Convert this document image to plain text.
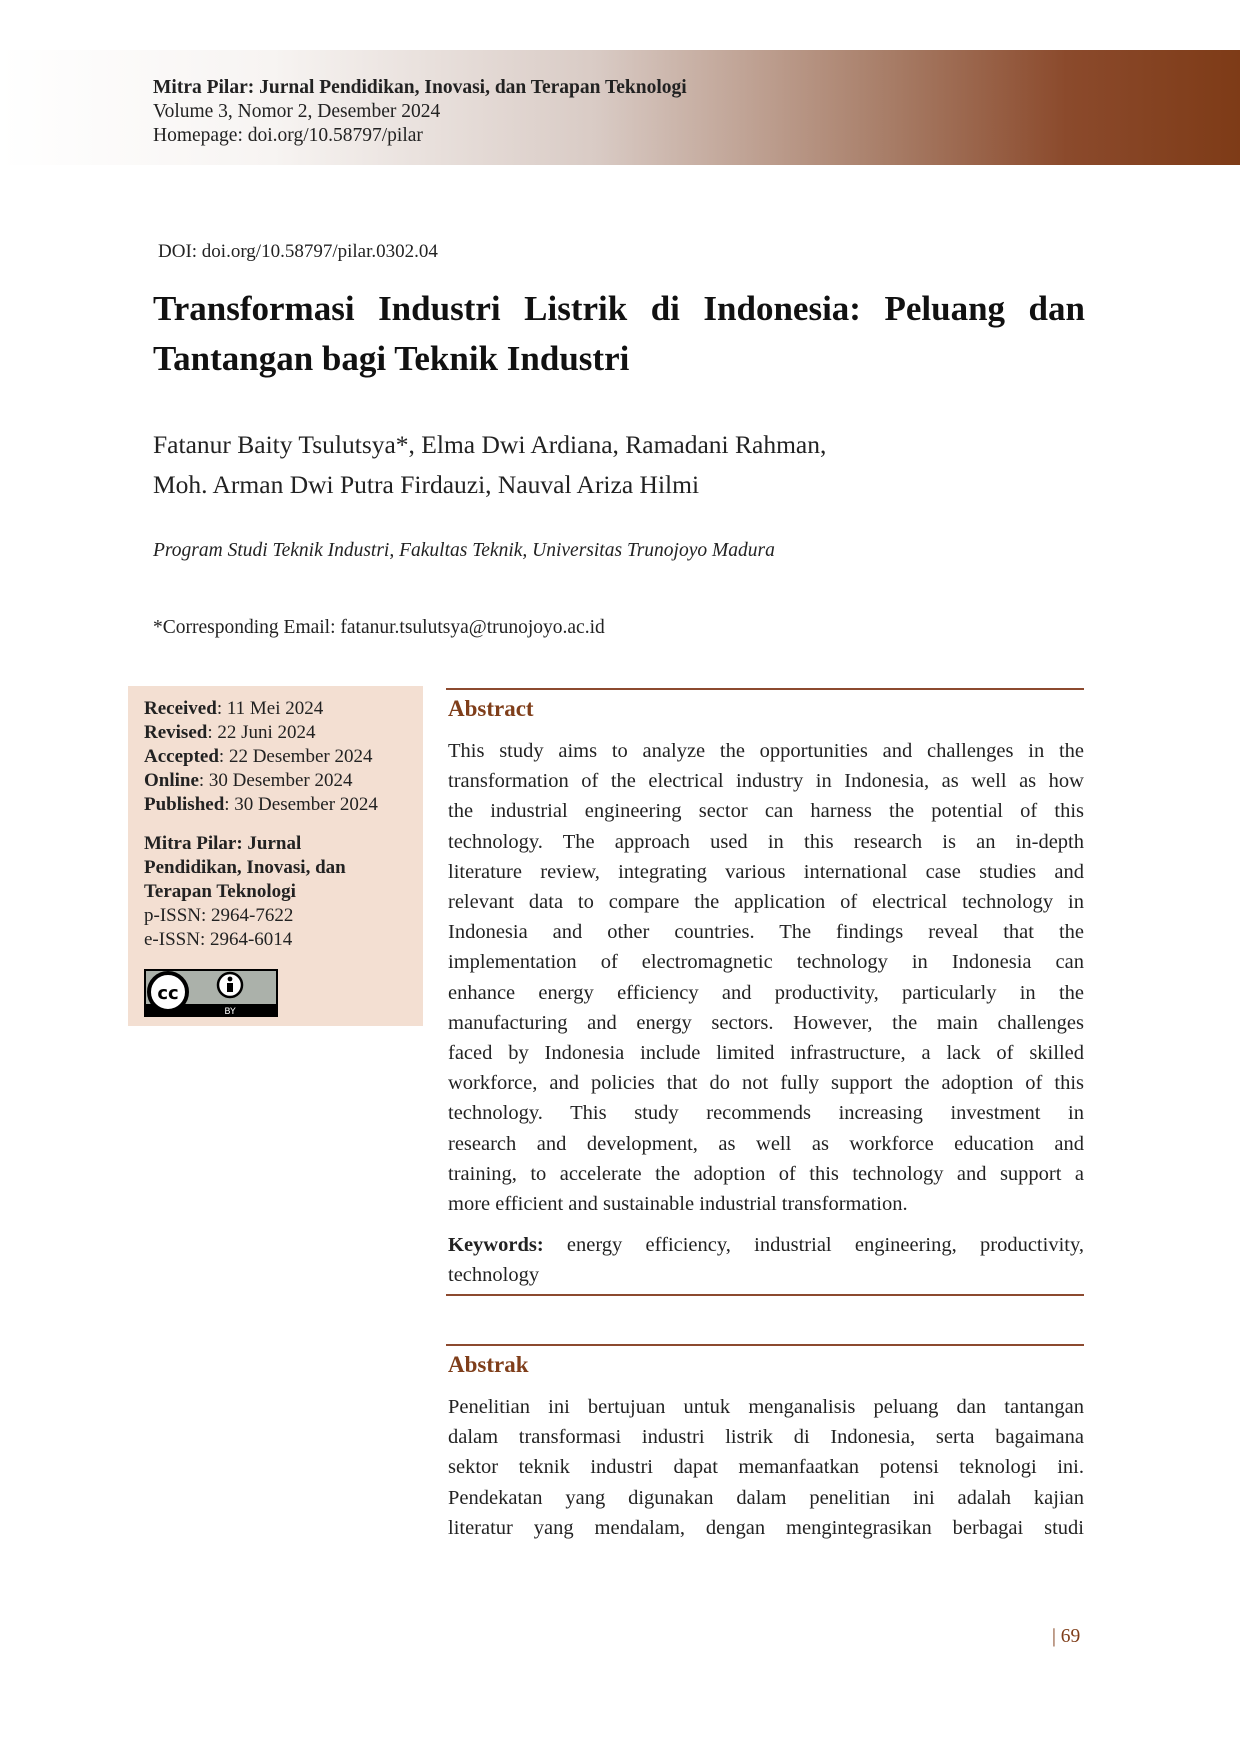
Mitra Pilar: Jurnal Pendidikan, Inovasi, dan Terapan Teknologi
Volume 3, Nomor 2, Desember 2024
Homepage: doi.org/10.58797/pilar
DOI: doi.org/10.58797/pilar.0302.04
Transformasi Industri Listrik di Indonesia: Peluang dan
Tantangan bagi Teknik Industri
Fatanur Baity Tsulutsya*, Elma Dwi Ardiana, Ramadani Rahman,
Moh. Arman Dwi Putra Firdauzi, Nauval Ariza Hilmi
Program Studi Teknik Industri, Fakultas Teknik, Universitas Trunojoyo Madura
*Corresponding Email: fatanur.tsulutsya@trunojoyo.ac.id
Received: 11 Mei 2024
Revised: 22 Juni 2024
Accepted: 22 Desember 2024
Online: 30 Desember 2024
Published: 30 Desember 2024
Mitra Pilar: Jurnal
Pendidikan, Inovasi, dan
Terapan Teknologi
p-ISSN: 2964-7622
e-ISSN: 2964-6014
cc
BY
Abstract
This study aims to analyze the opportunities and challenges in the
transformation of the electrical industry in Indonesia, as well as how
the industrial engineering sector can harness the potential of this
technology. The approach used in this research is an in-depth
literature review, integrating various international case studies and
relevant data to compare the application of electrical technology in
Indonesia and other countries. The findings reveal that the
implementation of electromagnetic technology in Indonesia can
enhance energy efficiency and productivity, particularly in the
manufacturing and energy sectors. However, the main challenges
faced by Indonesia include limited infrastructure, a lack of skilled
workforce, and policies that do not fully support the adoption of this
technology. This study recommends increasing investment in
research and development, as well as workforce education and
training, to accelerate the adoption of this technology and support a
more efficient and sustainable industrial transformation.
Keywords: energy efficiency, industrial engineering, productivity,
technology
Abstrak
Penelitian ini bertujuan untuk menganalisis peluang dan tantangan
dalam transformasi industri listrik di Indonesia, serta bagaimana
sektor teknik industri dapat memanfaatkan potensi teknologi ini.
Pendekatan yang digunakan dalam penelitian ini adalah kajian
literatur yang mendalam, dengan mengintegrasikan berbagai studi
| 69
